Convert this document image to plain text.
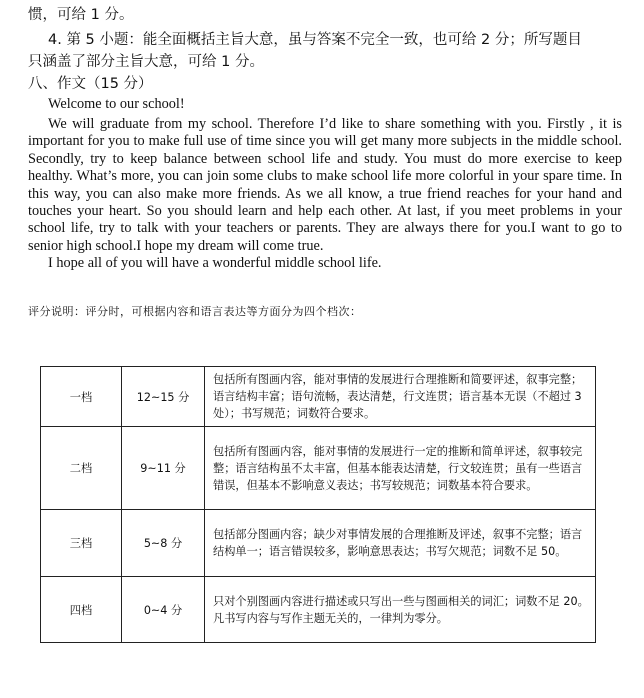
惯，可给 1 分。
4. 第 5 小题：能全面概括主旨大意，虽与答案不完全一致，也可给 2 分；所写题目
只涵盖了部分主旨大意，可给 1 分。
八、作文（15 分）
Welcome to our school!

We will graduate from my school. Therefore I’d like to share something with you. Firstly , it is important for you to make full use of time since you will get many more subjects in the middle school. Secondly, try to keep balance between school life and study. You must do more exercise to keep healthy. What’s more, you can join some clubs to make school life more colorful in your spare time. In this way, you can also make more friends. As we all know, a true friend reaches for your hand and touches your heart. So you should learn and help each other. At last, if you meet problems in your school life, try to talk with your teachers or parents. They are always there for you.I want to go to senior high school.I hope my dream will come true.

I hope all of you will have a wonderful middle school life.

评分说明：评分时，可根据内容和语言表达等方面分为四个档次：
一档	12~15 分	包括所有图画内容，能对事情的发展进行合理推断和简要评述，叙事完整；语言结构丰富；语句流畅，表达清楚，行文连贯；语言基本无误（不超过 3 处）；书写规范；词数符合要求。
二档	9~11 分	包括所有图画内容，能对事情的发展进行一定的推断和简单评述，叙事较完整；语言结构虽不太丰富，但基本能表达清楚，行文较连贯；虽有一些语言错误，但基本不影响意义表达；书写较规范；词数基本符合要求。
三档	5~8 分	包括部分图画内容；缺少对事情发展的合理推断及评述，叙事不完整；语言结构单一；语言错误较多，影响意思表达；书写欠规范；词数不足 50。
四档	0~4 分	只对个别图画内容进行描述或只写出一些与图画相关的词汇；词数不足 20。凡书写内容与写作主题无关的，一律判为零分。
